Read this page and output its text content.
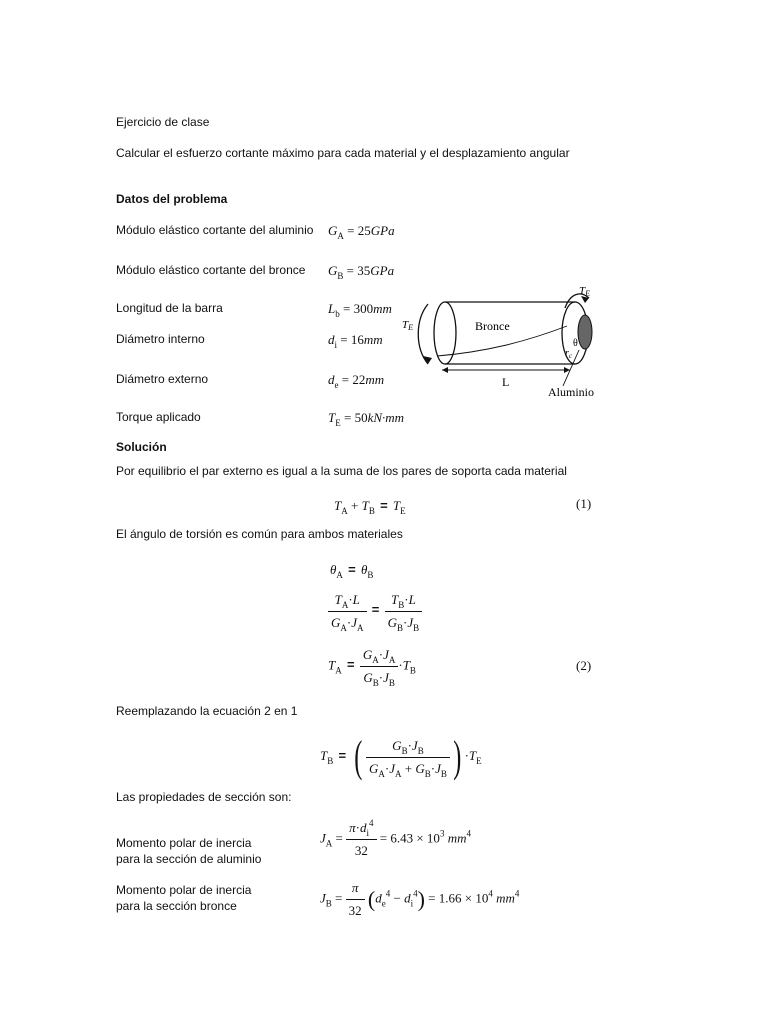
Ejercicio de clase
Calcular el esfuerzo cortante máximo para cada material y el desplazamiento angular
Datos del problema
Módulo elástico cortante del aluminio $G_A = 25GPa$
Módulo elástico cortante del bronce $G_B = 35GPa$
Longitud de la barra	$L_b = 300mm$
Diámetro interno	$d_i = 16mm$
Diámetro externo	$d_e = 22mm$
Torque aplicado	$T_E = 50kN\cdot mm$
Bronce
TE
TE
θ
$r_c$
L
Aluminio
Solución
Por equilibrio el par externo es igual a la suma de los pares de soporta cada material
$T_A + T_B = T_E$	(1)
El ángulo de torsión es común para ambos materiales
$\theta_A = \theta_B$
$\frac{T_A\cdot L}{G_A\cdot J_A} = \frac{T_B\cdot L}{G_B\cdot J_B}$
$T_A = \frac{G_A\cdot J_A}{G_B\cdot J_B} \cdot T_B$	(2)
Reemplazando la ecuación 2 en 1
$T_B$ = ( $\frac{G_B\cdot J_B}{G_A\cdot J_A + G_B\cdot J_B}$ ) $\cdot T_E$
Las propiedades de sección son:
Momento polar de inercia
para la sección de aluminio
$J_A = \frac{\pi\cdot d_i^4}{32} = 6.43 \times 10^3$ $mm^4$
Momento polar de inercia
para la sección bronce
$J_B = \frac{\pi}{32} (d_e^4 - d_i^4) = 1.66 \times 10^4$ $mm^4$
